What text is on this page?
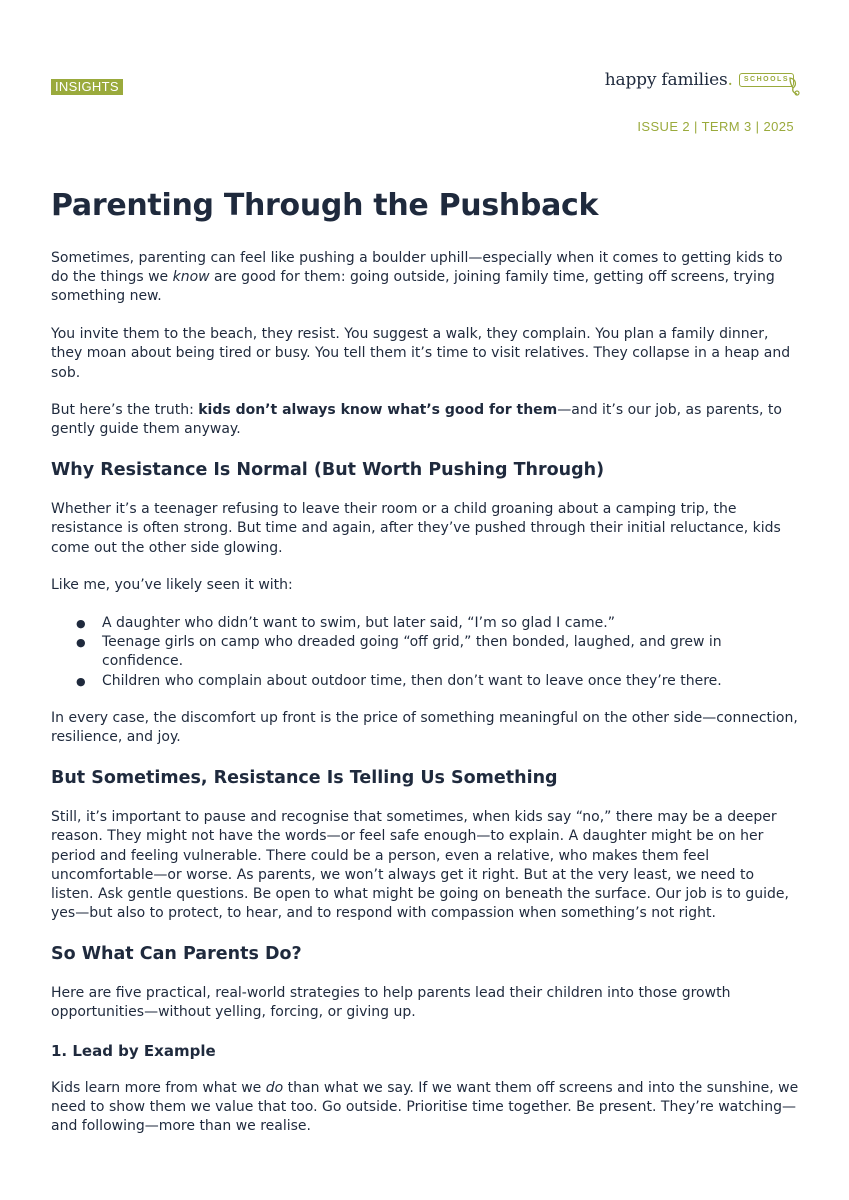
INSIGHTS	happy families .	SCHOOLS
ISSUE 2 | TERM 3 | 2025
Parenting Through the Pushback

Sometimes, parenting can feel like pushing a boulder uphill—especially when it comes to getting kids to do the things we know are good for them: going outside, joining family time, getting off screens, trying something new.

You invite them to the beach, they resist. You suggest a walk, they complain. You plan a family dinner, they moan about being tired or busy. You tell them it’s time to visit relatives. They collapse in a heap and sob.

But here’s the truth: kids don’t always know what’s good for them—and it’s our job, as parents, to gently guide them anyway.

Why Resistance Is Normal (But Worth Pushing Through)

Whether it’s a teenager refusing to leave their room or a child groaning about a camping trip, the resistance is often strong. But time and again, after they’ve pushed through their initial reluctance, kids come out the other side glowing.

Like me, you’ve likely seen it with:

● A daughter who didn’t want to swim, but later said, “I’m so glad I came.”
● Teenage girls on camp who dreaded going “off grid,” then bonded, laughed, and grew in confidence.
● Children who complain about outdoor time, then don’t want to leave once they’re there.

In every case, the discomfort up front is the price of something meaningful on the other side—connection, resilience, and joy.

But Sometimes, Resistance Is Telling Us Something

Still, it’s important to pause and recognise that sometimes, when kids say “no,” there may be a deeper reason. They might not have the words—or feel safe enough—to explain. A daughter might be on her period and feeling vulnerable. There could be a person, even a relative, who makes them feel uncomfortable—or worse. As parents, we won’t always get it right. But at the very least, we need to listen. Ask gentle questions. Be open to what might be going on beneath the surface. Our job is to guide, yes—but also to protect, to hear, and to respond with compassion when something’s not right.

So What Can Parents Do?

Here are five practical, real-world strategies to help parents lead their children into those growth opportunities—without yelling, forcing, or giving up.

1. Lead by Example

Kids learn more from what we do than what we say. If we want them off screens and into the sunshine, we need to show them we value that too. Go outside. Prioritise time together. Be present. They’re watching—and following—more than we realise.
